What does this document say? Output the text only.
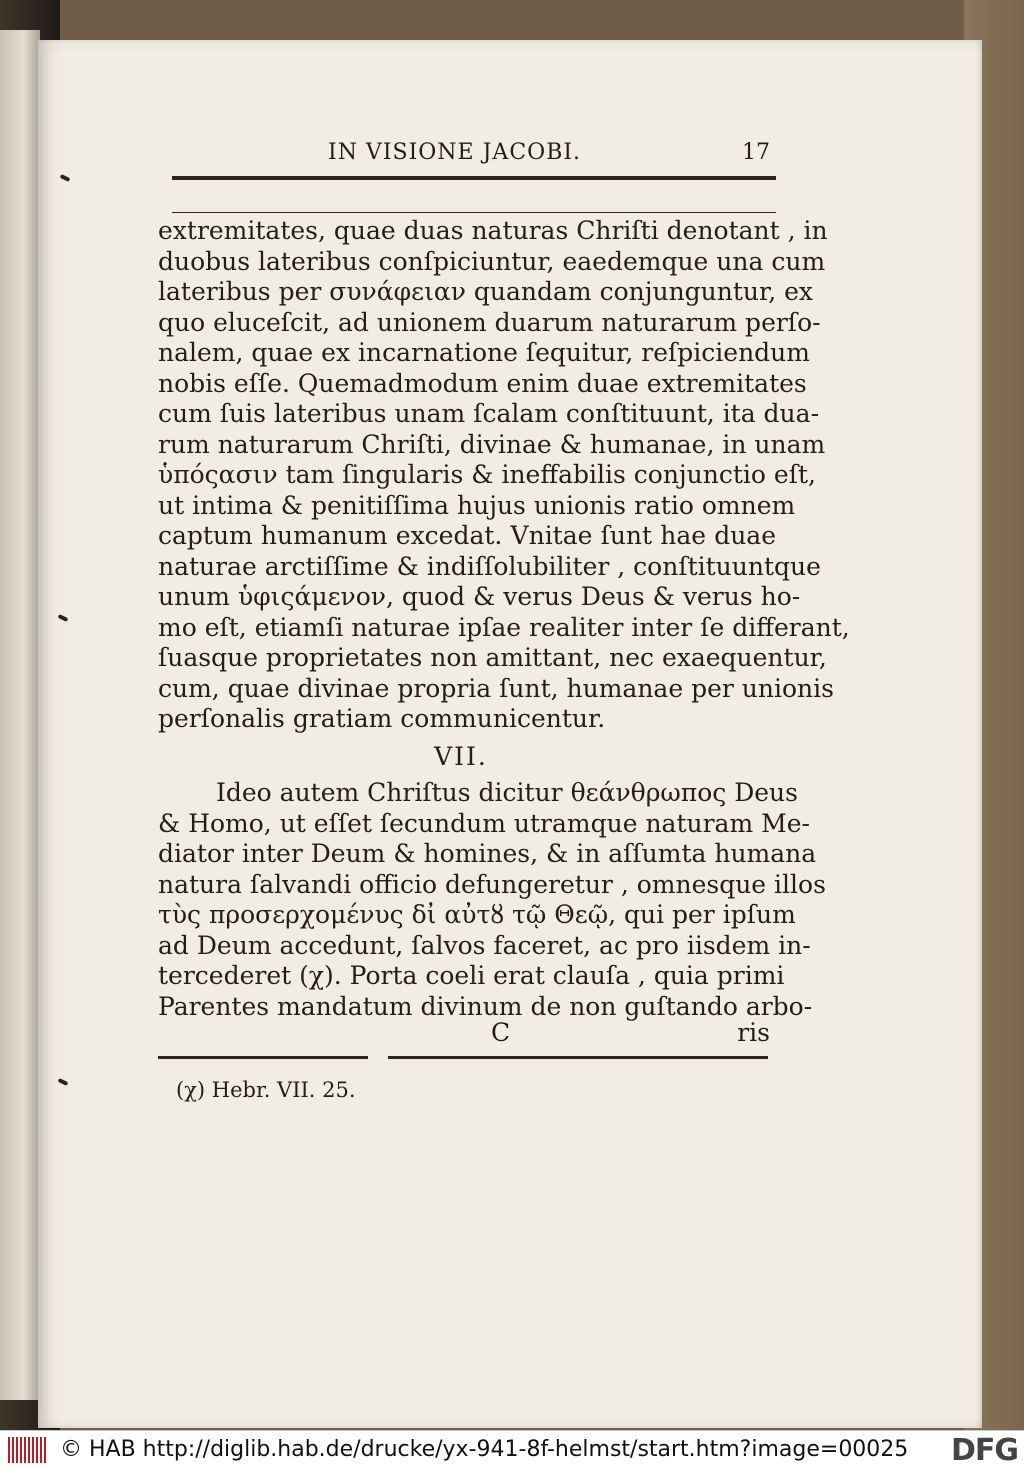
IN VISIONE JACOBI.	17
extremitates, quae duas naturas Chriſti denotant , in
duobus lateribus conſpiciuntur, eaedemque una cum
lateribus per συνάφειαν quandam conjunguntur, ex
quo eluceſcit, ad unionem duarum naturarum perſo-
nalem, quae ex incarnatione ſequitur, reſpiciendum
nobis eſſe. Quemadmodum enim duae extremitates
cum ſuis lateribus unam ſcalam conſtituunt, ita dua-
rum naturarum Chriſti, divinae & humanae, in unam
ὑπόςασιν tam ſingularis & ineffabilis conjunctio eſt,
ut intima & penitiſſima hujus unionis ratio omnem
captum humanum excedat. Vnitae ſunt hae duae
naturae arctiſſime & indiſſolubiliter , conſtituuntque
unum ὑφιςάμενον, quod & verus Deus & verus ho-
mo eſt, etiamſi naturae ipſae realiter inter ſe differant,
ſuasque proprietates non amittant, nec exaequentur,
cum, quae divinae propria ſunt, humanae per unionis
perſonalis gratiam communicentur.
VII.
Ideo autem Chriſtus dicitur θεάνθρωπος Deus
& Homo, ut eſſet ſecundum utramque naturam Me-
diator inter Deum & homines, & in aſſumta humana
natura ſalvandi officio defungeretur , omnesque illos
τὺς προσερχομένυς δἰ αὐτȣ τῷ Θεῷ, qui per ipſum
ad Deum accedunt, ſalvos faceret, ac pro iisdem in-
tercederet (χ). Porta coeli erat clauſa , quia primi
Parentes mandatum divinum de non guſtando arbo-
C	ris
(χ) Hebr. VII. 25.
© HAB http://diglib.hab.de/drucke/yx-941-8f-helmst/start.htm?image=00025 DFG
